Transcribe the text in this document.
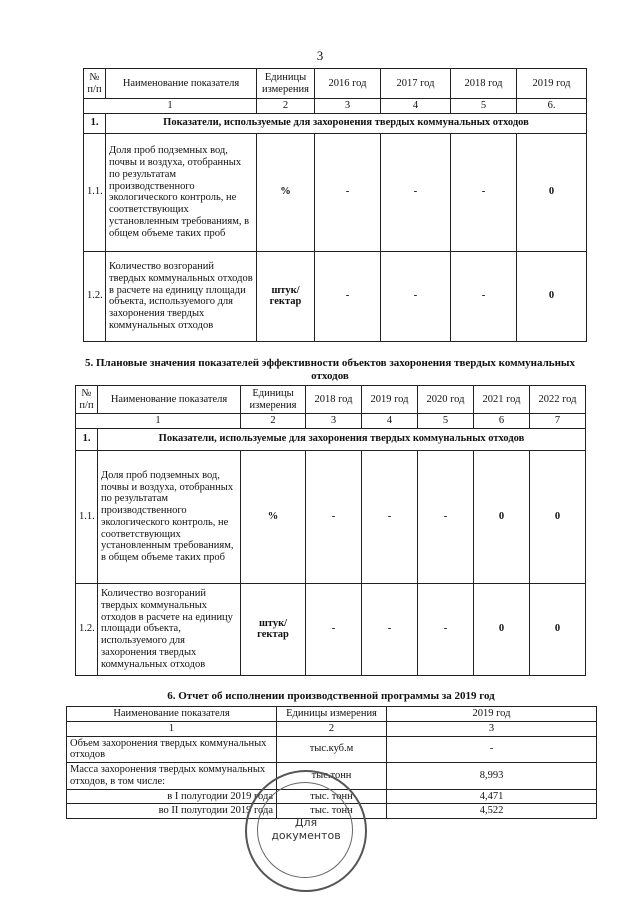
3
№ п/п	Наименование показателя	Единицы измерения	2016 год	2017 год	2018 год	2019 год
1		2	3	4	5	6.
1.	Показатели, используемые для захоронения твердых коммунальных отходов					
1.1.	Доля проб подземных вод, почвы и воздуха, отобранных по результатам производственного экологического контроль, не соответствующих установленным требованиям, в общем объеме таких проб	%	-	-	-	0
1.2.	Количество возгораний твердых коммунальных отходов в расчете на единицу площади объекта, используемого для захоронения твердых коммунальных отходов	штук/ гектар	-	-	-	0
5. Плановые значения показателей эффективности объектов захоронения твердых коммунальных отходов
№ п/п	Наименование показателя	Единицы измерения	2018 год	2019 год	2020 год	2021 год	2022 год
1		2	3	4	5	6	7
1.	Показатели, используемые для захоронения твердых коммунальных отходов						
1.1.	Доля проб подземных вод, почвы и воздуха, отобранных по результатам производственного экологического контроль, не соответствующих установленным требованиям, в общем объеме таких проб	%	-	-	-	0	0
1.2.	Количество возгораний твердых коммунальных отходов в расчете на единицу площади объекта, используемого для захоронения твердых коммунальных отходов	штук/ гектар	-	-	-	0	0
6. Отчет об исполнении производственной программы за 2019 год
Наименование показателя	Единицы измерения	2019 год
1	2	3
Объем захоронения твердых коммунальных отходов	тыс.куб.м	-
Масса захоронения твердых коммунальных отходов, в том числе:	тыс.тонн	8,993
в I полугодии 2019 года	тыс. тонн	4,471
во II полугодии 2019 года	тыс. тонн	4,522
Для
документов
